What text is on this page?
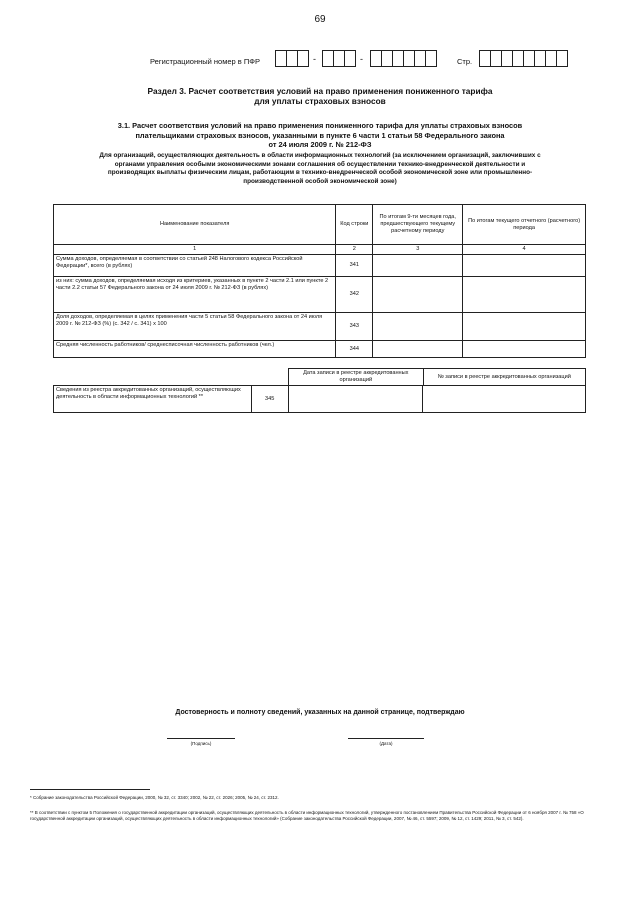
69
Регистрационный номер в ПФР	-	-	Стр.
Раздел 3. Расчет соответствия условий на право применения пониженного тарифа
для уплаты страховых взносов
3.1. Расчет соответствия условий на право применения пониженного тарифа для уплаты страховых взносов
плательщиками страховых взносов, указанными в пункте 6 части 1 статьи 58 Федерального закона
от 24 июля 2009 г. № 212-ФЗ
Для организаций, осуществляющих деятельность в области информационных технологий (за исключением организаций, заключивших с
органами управления особыми экономическими зонами соглашения об осуществлении технико-внедренческой деятельности и
производящих выплаты физическим лицам, работающим в технико-внедренческой особой экономической зоне или промышленно-
производственной особой экономической зоне)
Наименование показателя	Код строки	По итогам 9-ти месяцев года, предшествующего текущему расчетному периоду	По итогам текущего отчетного (расчетного) периода
1	2	3	4
Сумма доходов, определяемая в соответствии со статьей 248 Налогового кодекса Российской Федерации*, всего (в рублях)	341		
из них: сумма доходов, определяемая исходя из критериев, указанных в пункте 2 части 2.1 или пункте 2 части 2.2 статьи 57 Федерального закона от 24 июля 2009 г. № 212-ФЗ (в рублях)	342		
Доля доходов, определяемая в целях применения части 5 статьи 58 Федерального закона от 24 июля 2009 г. № 212-ФЗ (%) (с. 342 / с. 341) х 100	343		
Средняя численность работников/ среднесписочная численность работников (чел.)	344		
Дата записи в реестре аккредитованных организаций	№ записи в реестре аккредитованных организаций
Сведения из реестра аккредитованных организаций, осуществляющих деятельность в области информационных технологий **	345		
Достоверность и полноту сведений, указанных на данной странице, подтверждаю
(Подпись)	(Дата)
* Собрание законодательства Российской Федерации, 2000, № 32, ст. 3340; 2002, № 22, ст. 2026; 2005, № 24, ст. 2312.
** В соответствии с пунктом 5 Положения о государственной аккредитации организаций, осуществляющих деятельность в области информационных технологий, утвержденного постановлением Правительства Российской Федерации от 6 ноября 2007 г. № 758 «О государственной аккредитации организаций, осуществляющих деятельность в области информационных технологий» (Собрание законодательства Российской Федерации, 2007, № 46, ст. 5597; 2009, № 12, ст. 1429; 2011, № 3, ст. 542).
